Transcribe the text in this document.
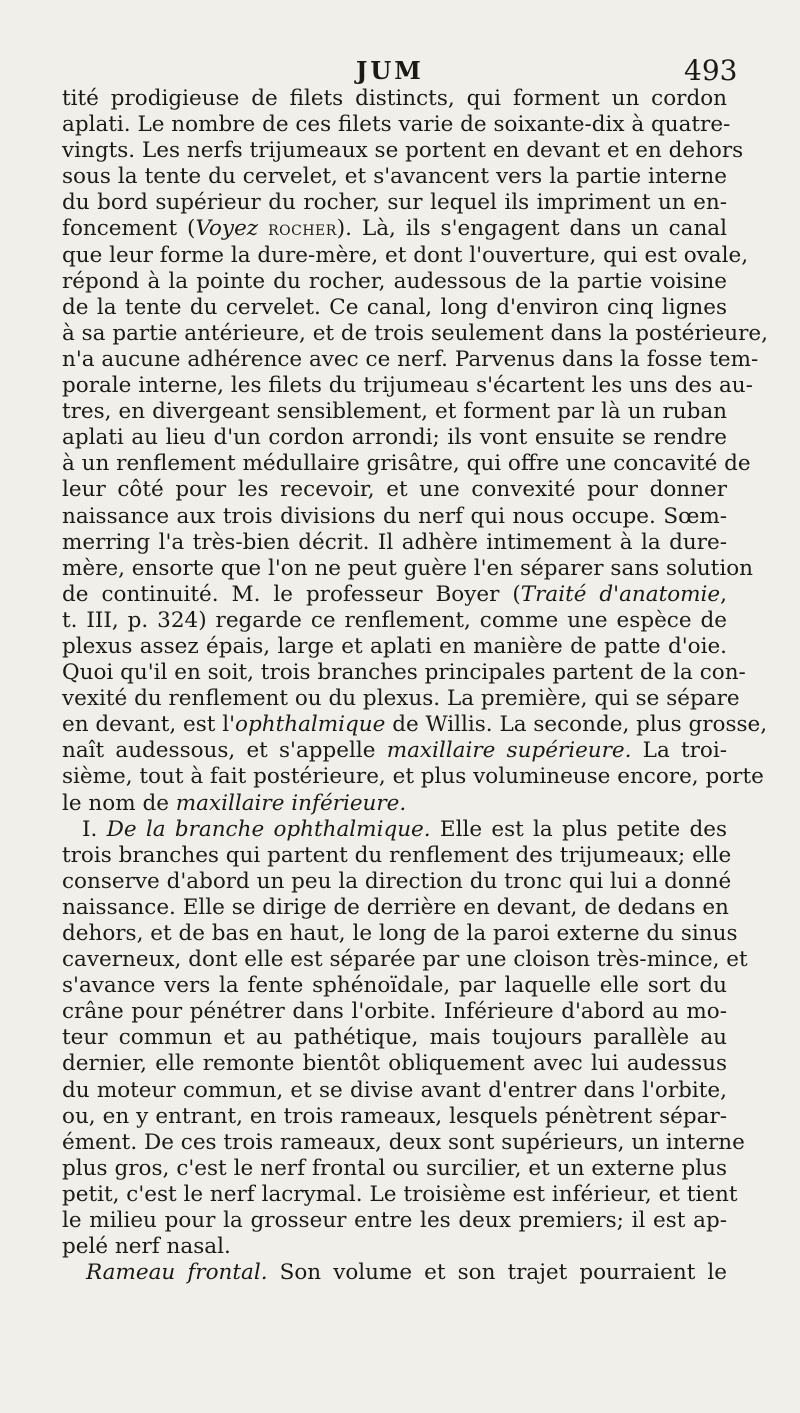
JUM	493
tité prodigieuse de filets distincts, qui forment un cordon
aplati. Le nombre de ces filets varie de soixante-dix à quatre-
vingts. Les nerfs trijumeaux se portent en devant et en dehors
sous la tente du cervelet, et s'avancent vers la partie interne
du bord supérieur du rocher, sur lequel ils impriment un en-
foncement (Voyez ROCHER). Là, ils s'engagent dans un canal
que leur forme la dure-mère, et dont l'ouverture, qui est ovale,
répond à la pointe du rocher, audessous de la partie voisine
de la tente du cervelet. Ce canal, long d'environ cinq lignes
à sa partie antérieure, et de trois seulement dans la postérieure,
n'a aucune adhérence avec ce nerf. Parvenus dans la fosse tem-
porale interne, les filets du trijumeau s'écartent les uns des au-
tres, en divergeant sensiblement, et forment par là un ruban
aplati au lieu d'un cordon arrondi; ils vont ensuite se rendre
à un renflement médullaire grisâtre, qui offre une concavité de
leur côté pour les recevoir, et une convexité pour donner
naissance aux trois divisions du nerf qui nous occupe. Sœm-
merring l'a très-bien décrit. Il adhère intimement à la dure-
mère, ensorte que l'on ne peut guère l'en séparer sans solution
de continuité. M. le professeur Boyer (Traité d'anatomie,
t. III, p. 324) regarde ce renflement, comme une espèce de
plexus assez épais, large et aplati en manière de patte d'oie.
Quoi qu'il en soit, trois branches principales partent de la con-
vexité du renflement ou du plexus. La première, qui se sépare
en devant, est l'ophthalmique de Willis. La seconde, plus grosse,
naît audessous, et s'appelle maxillaire supérieure. La troi-
sième, tout à fait postérieure, et plus volumineuse encore, porte
le nom de maxillaire inférieure.
I. De la branche ophthalmique. Elle est la plus petite des
trois branches qui partent du renflement des trijumeaux; elle
conserve d'abord un peu la direction du tronc qui lui a donné
naissance. Elle se dirige de derrière en devant, de dedans en
dehors, et de bas en haut, le long de la paroi externe du sinus
caverneux, dont elle est séparée par une cloison très-mince, et
s'avance vers la fente sphénoïdale, par laquelle elle sort du
crâne pour pénétrer dans l'orbite. Inférieure d'abord au mo-
teur commun et au pathétique, mais toujours parallèle au
dernier, elle remonte bientôt obliquement avec lui audessus
du moteur commun, et se divise avant d'entrer dans l'orbite,
ou, en y entrant, en trois rameaux, lesquels pénètrent sépar-
ément. De ces trois rameaux, deux sont supérieurs, un interne
plus gros, c'est le nerf frontal ou surcilier, et un externe plus
petit, c'est le nerf lacrymal. Le troisième est inférieur, et tient
le milieu pour la grosseur entre les deux premiers; il est ap-
pelé nerf nasal.
Rameau frontal. Son volume et son trajet pourraient le
